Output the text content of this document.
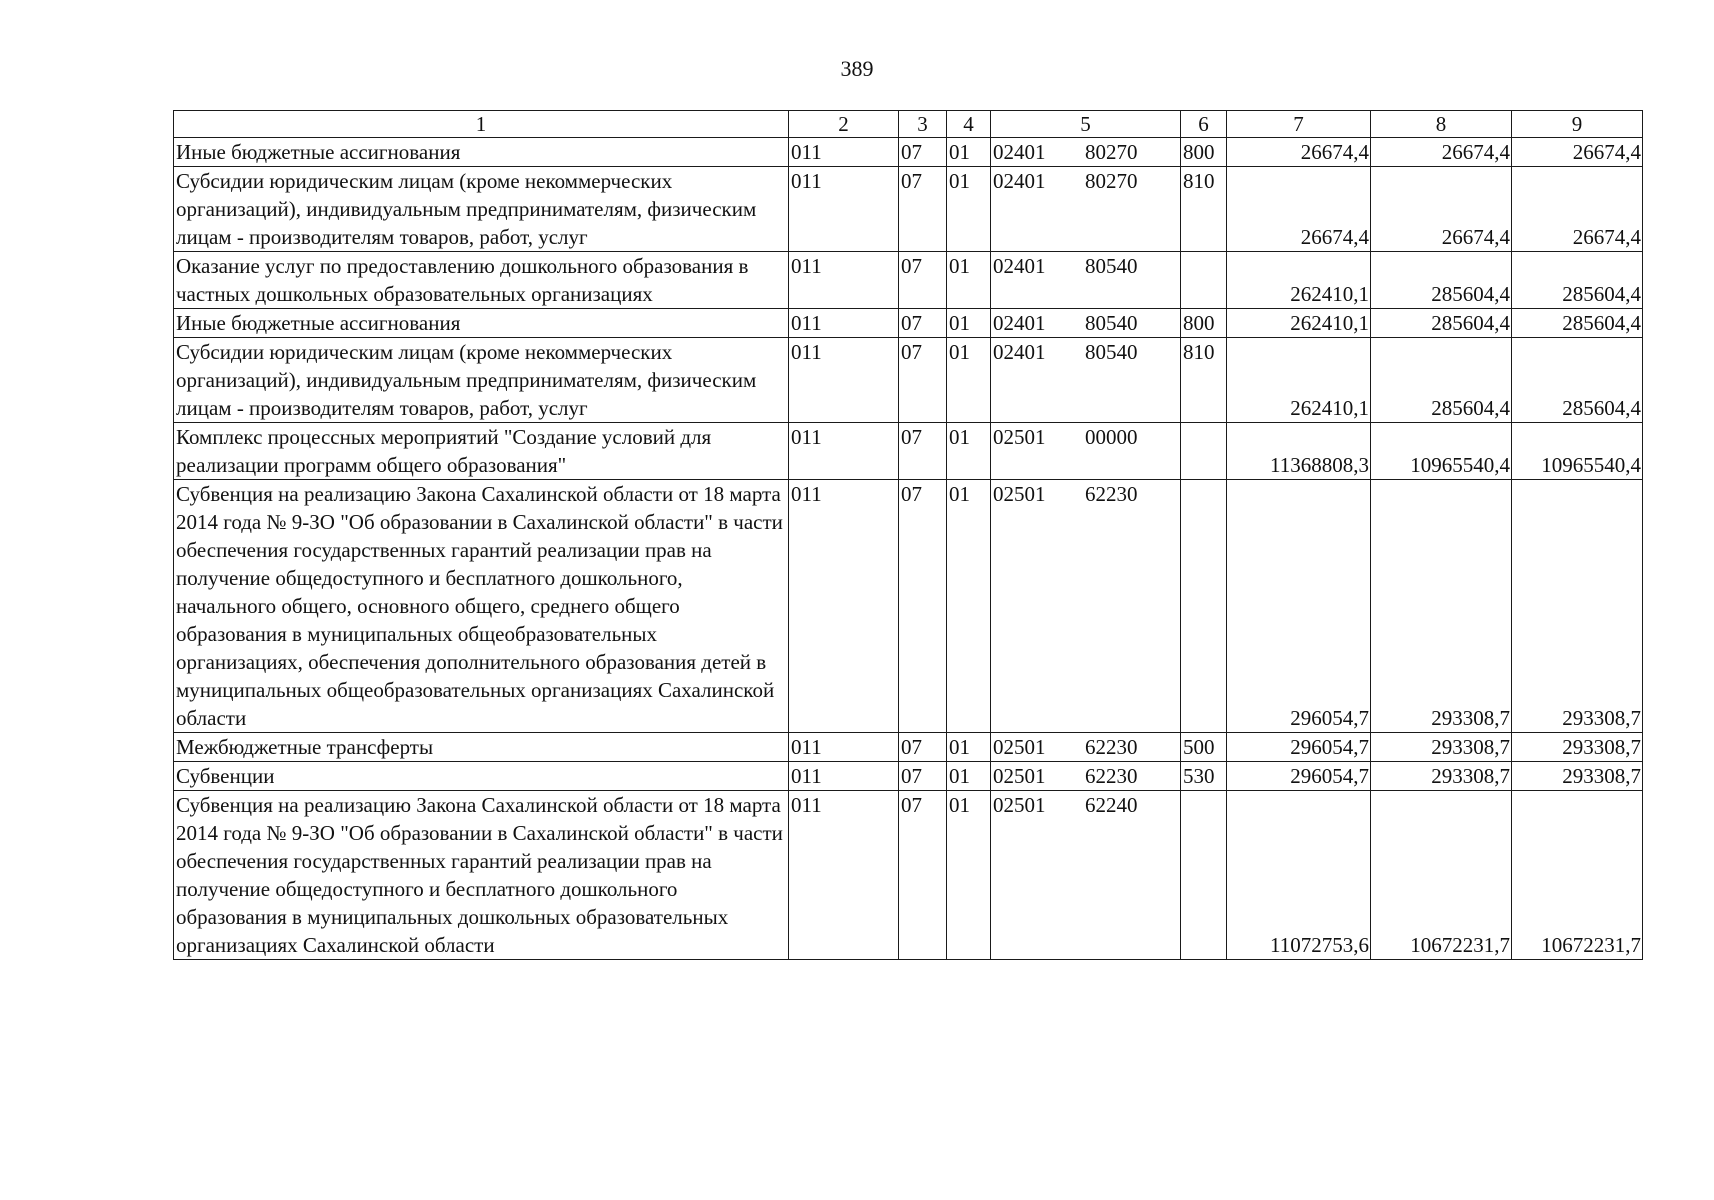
389
1	2	3	4	5	6	7	8	9
Иные бюджетные ассигнования	011	07	01	02401 80270	800	26674,4	26674,4	26674,4
Субсидии юридическим лицам (кроме некоммерческих организаций), индивидуальным предпринимателям, физическим лицам - производителям товаров, работ, услуг	011	07	01	02401 80270	810	26674,4	26674,4	26674,4
Оказание услуг по предоставлению дошкольного образования в частных дошкольных образовательных организациях	011	07	01	02401 80540		262410,1	285604,4	285604,4
Иные бюджетные ассигнования	011	07	01	02401 80540	800	262410,1	285604,4	285604,4
Субсидии юридическим лицам (кроме некоммерческих организаций), индивидуальным предпринимателям, физическим лицам - производителям товаров, работ, услуг	011	07	01	02401 80540	810	262410,1	285604,4	285604,4
Комплекс процессных мероприятий "Создание условий для реализации программ общего образования"	011	07	01	02501 00000		11368808,3	10965540,4	10965540,4
Субвенция на реализацию Закона Сахалинской области от 18 марта 2014 года № 9-ЗО "Об образовании в Сахалинской области" в части обеспечения государственных гарантий реализации прав на получение общедоступного и бесплатного дошкольного, начального общего, основного общего, среднего общего образования в муниципальных общеобразовательных организациях, обеспечения дополнительного образования детей в муниципальных общеобразовательных организациях Сахалинской области	011	07	01	02501 62230		296054,7	293308,7	293308,7
Межбюджетные трансферты	011	07	01	02501 62230	500	296054,7	293308,7	293308,7
Субвенции	011	07	01	02501 62230	530	296054,7	293308,7	293308,7
Субвенция на реализацию Закона Сахалинской области от 18 марта 2014 года № 9-ЗО "Об образовании в Сахалинской области" в части обеспечения государственных гарантий реализации прав на получение общедоступного и бесплатного дошкольного образования в муниципальных дошкольных образовательных организациях Сахалинской области	011	07	01	02501 62240		11072753,6	10672231,7	10672231,7
